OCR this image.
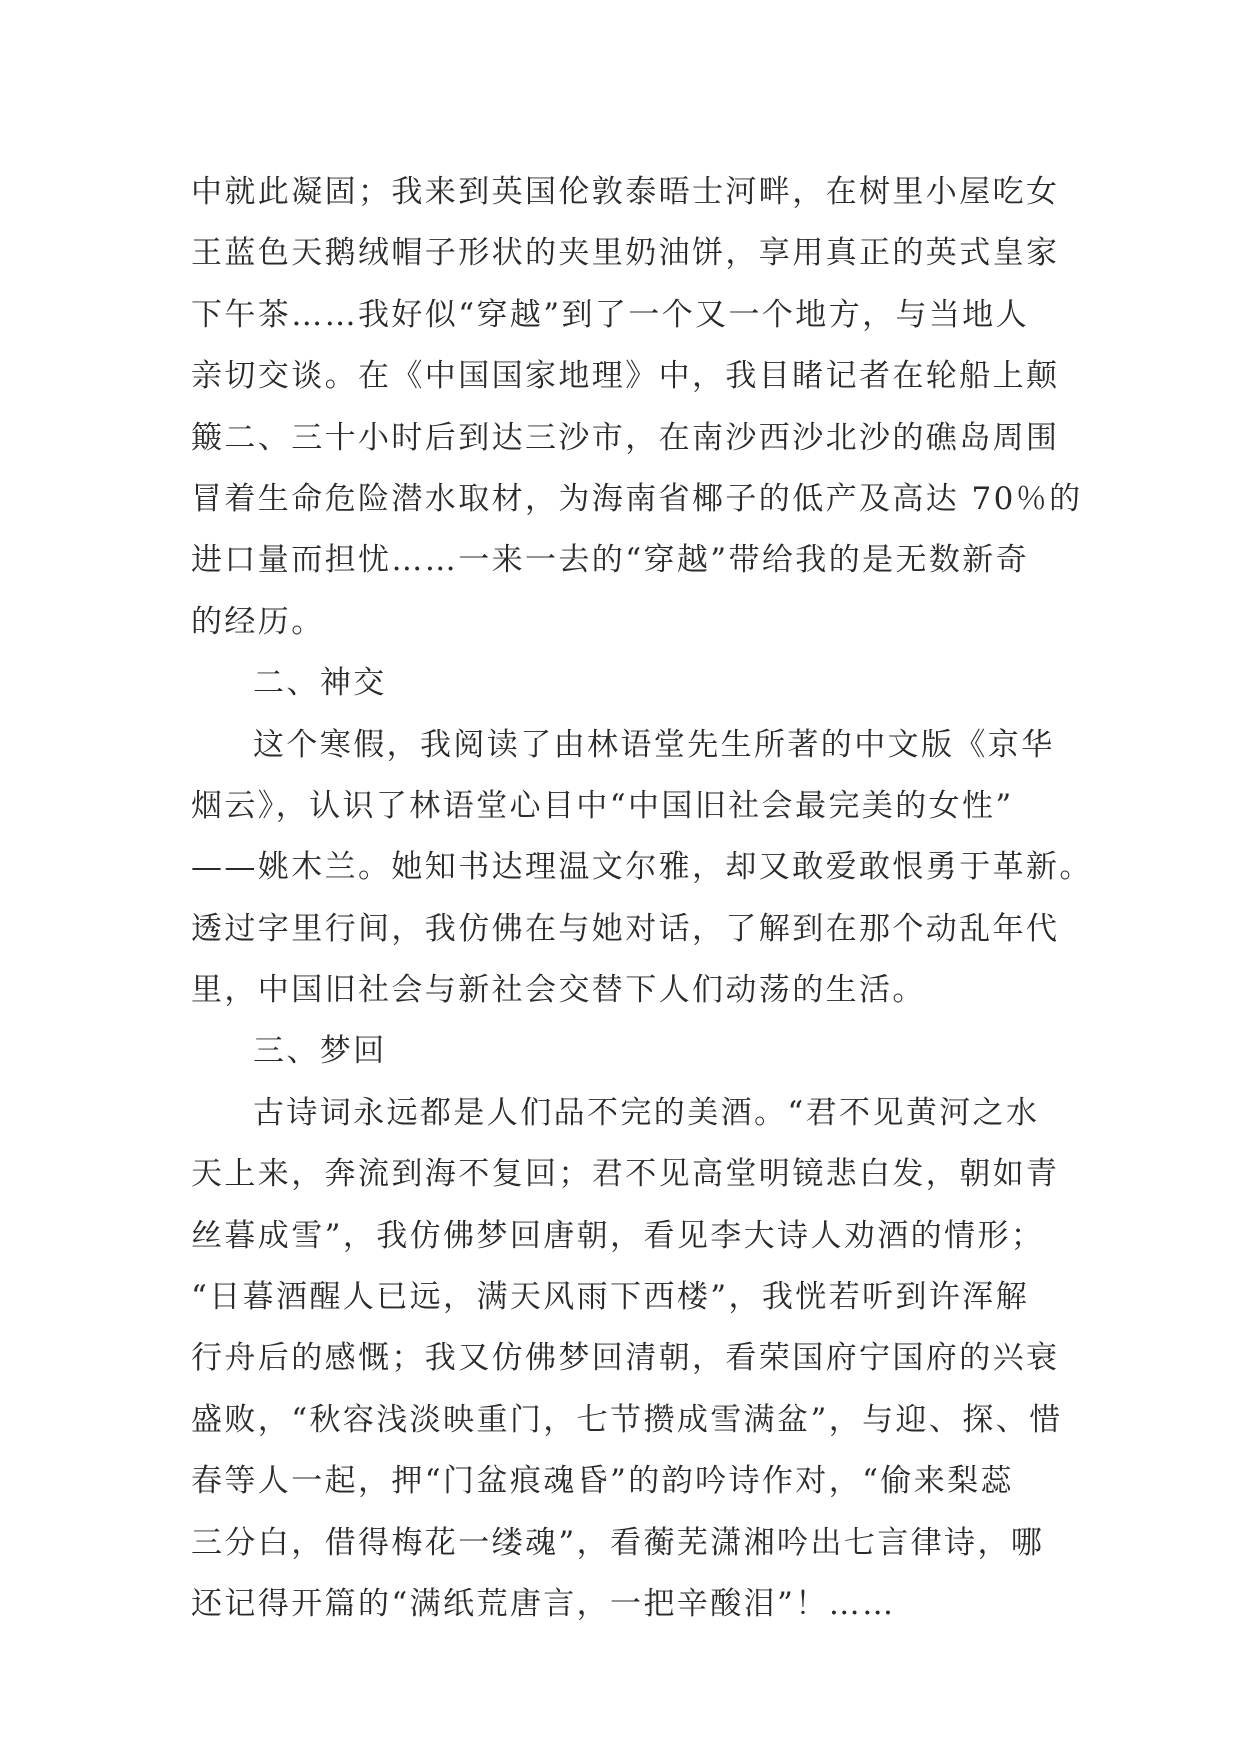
中就此凝固；我来到英国伦敦泰晤士河畔，在树里小屋吃女
王蓝色天鹅绒帽子形状的夹里奶油饼，享用真正的英式皇家
下午茶……我好似“穿越”到了一个又一个地方，与当地人
亲切交谈。在《中国国家地理》中，我目睹记者在轮船上颠
簸二、三十小时后到达三沙市，在南沙西沙北沙的礁岛周围
冒着生命危险潜水取材，为海南省椰子的低产及高达 70％的
进口量而担忧……一来一去的“穿越”带给我的是无数新奇
的经历。
二、神交
这个寒假，我阅读了由林语堂先生所著的中文版《京华
烟云》，认识了林语堂心目中“中国旧社会最完美的女性”
——姚木兰。她知书达理温文尔雅，却又敢爱敢恨勇于革新。
透过字里行间，我仿佛在与她对话，了解到在那个动乱年代
里，中国旧社会与新社会交替下人们动荡的生活。
三、梦回
古诗词永远都是人们品不完的美酒。“君不见黄河之水
天上来，奔流到海不复回；君不见高堂明镜悲白发，朝如青
丝暮成雪”，我仿佛梦回唐朝，看见李大诗人劝酒的情形；
“日暮酒醒人已远，满天风雨下西楼”，我恍若听到许浑解
行舟后的感慨；我又仿佛梦回清朝，看荣国府宁国府的兴衰
盛败，“秋容浅淡映重门，七节攒成雪满盆”，与迎、探、惜
春等人一起，押“门盆痕魂昏”的韵吟诗作对，“偷来梨蕊
三分白，借得梅花一缕魂”，看蘅芜潇湘吟出七言律诗，哪
还记得开篇的“满纸荒唐言，一把辛酸泪”！……
